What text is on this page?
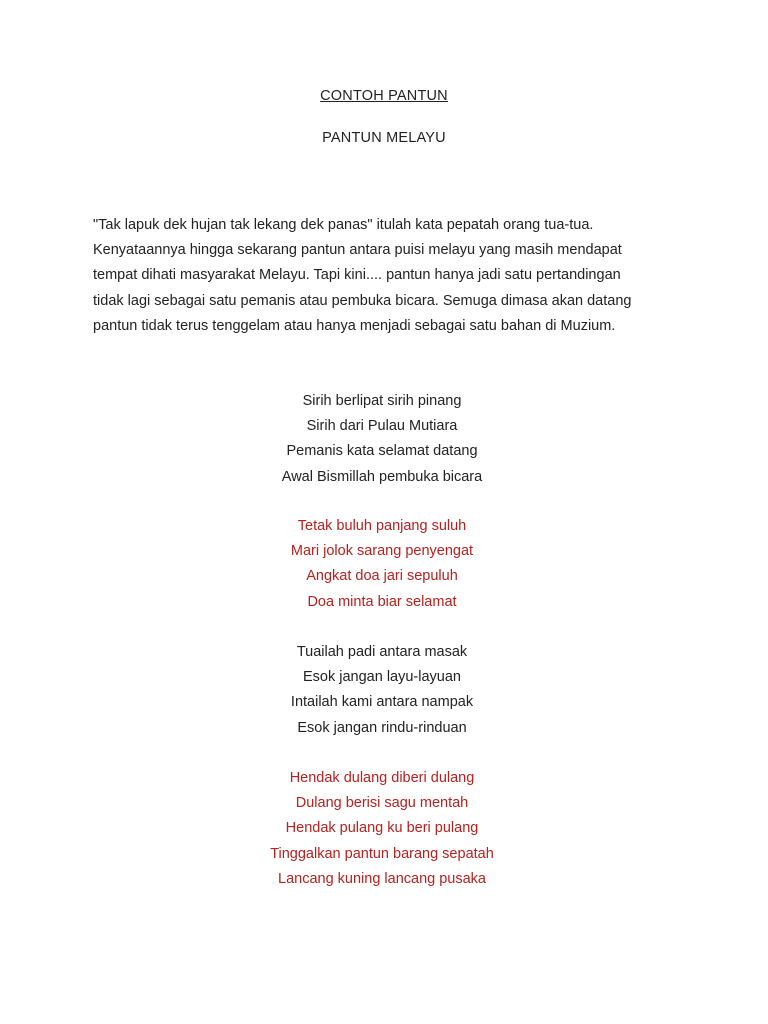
CONTOH PANTUN
PANTUN MELAYU
"Tak lapuk dek hujan tak lekang dek panas" itulah kata pepatah orang tua-tua.
Kenyataannya hingga sekarang pantun antara puisi melayu yang masih mendapat
tempat dihati masyarakat Melayu. Tapi kini.... pantun hanya jadi satu pertandingan
tidak lagi sebagai satu pemanis atau pembuka bicara. Semuga dimasa akan datang
pantun tidak terus tenggelam atau hanya menjadi sebagai satu bahan di Muzium.
Sirih berlipat sirih pinang
Sirih dari Pulau Mutiara
Pemanis kata selamat datang
Awal Bismillah pembuka bicara
Tetak buluh panjang suluh
Mari jolok sarang penyengat
Angkat doa jari sepuluh
Doa minta biar selamat
Tuailah padi antara masak
Esok jangan layu-layuan
Intailah kami antara nampak
Esok jangan rindu-rinduan
Hendak dulang diberi dulang
Dulang berisi sagu mentah
Hendak pulang ku beri pulang
Tinggalkan pantun barang sepatah
Lancang kuning lancang pusaka
